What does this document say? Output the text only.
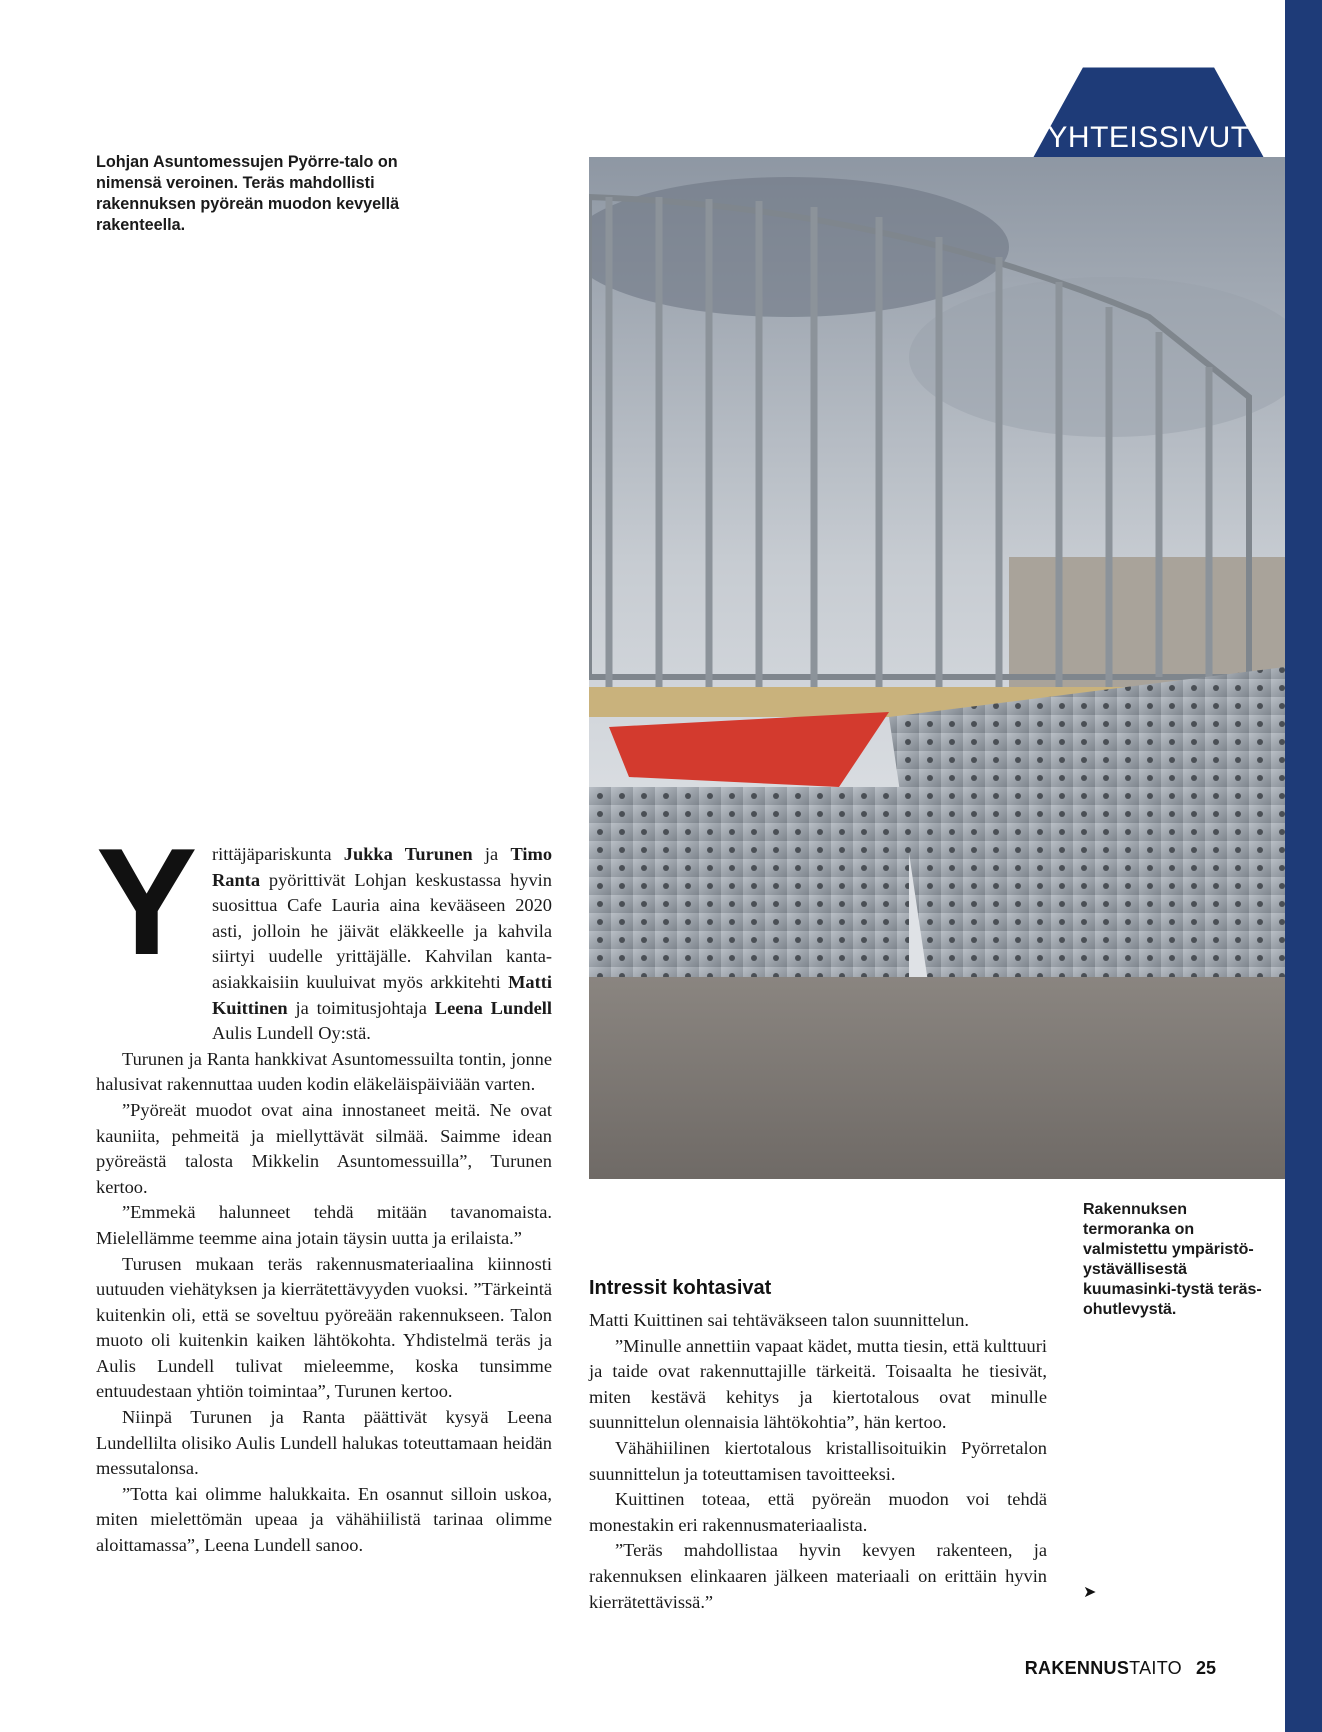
YHTEISSIVUT
Lohjan Asuntomessujen Pyörre-talo on nimensä veroinen. Teräs mahdollisti rakennuksen pyöreän muodon kevyellä rakenteella.
Y rittäjäpariskunta Jukka Turunen ja Timo Ranta pyörittivät Lohjan keskustassa hyvin suosittua Cafe Lauria aina kevääseen 2020 asti, jolloin he jäivät eläkkeelle ja kahvila siirtyi uudelle yrittäjälle. Kahvilan kanta-asiakkaisiin kuuluivat myös arkkitehti Matti Kuittinen ja toimitusjohtaja Leena Lundell Aulis Lundell Oy:stä.

Turunen ja Ranta hankkivat Asuntomessuilta tontin, jonne halusivat rakennuttaa uuden kodin eläkeläispäiviään varten.

”Pyöreät muodot ovat aina innostaneet meitä. Ne ovat kauniita, pehmeitä ja miellyttävät silmää. Saimme idean pyöreästä talosta Mikkelin Asuntomessuilla”, Turunen kertoo.

”Emmekä halunneet tehdä mitään tavanomaista. Mielellämme teemme aina jotain täysin uutta ja erilaista.”

Turusen mukaan teräs rakennusmateriaalina kiinnosti uutuuden viehätyksen ja kierrätettävyyden vuoksi. ”Tärkeintä kuitenkin oli, että se soveltuu pyöreään rakennukseen. Talon muoto oli kuitenkin kaiken lähtökohta. Yhdistelmä teräs ja Aulis Lundell tulivat mieleemme, koska tunsimme entuudestaan yhtiön toimintaa”, Turunen kertoo.

Niinpä Turunen ja Ranta päättivät kysyä Leena Lundellilta olisiko Aulis Lundell halukas toteuttamaan heidän messutalonsa.

”Totta kai olimme halukkaita. En osannut silloin uskoa, miten mielettömän upeaa ja vähähiilistä tarinaa olimme aloittamassa”, Leena Lundell sanoo.

Intressit kohtasivat

Matti Kuittinen sai tehtäväkseen talon suunnittelun.

”Minulle annettiin vapaat kädet, mutta tiesin, että kulttuuri ja taide ovat rakennuttajille tärkeitä. Toisaalta he tiesivät, miten kestävä kehitys ja kiertotalous ovat minulle suunnittelun olennaisia lähtökohtia”, hän kertoo.

Vähähiilinen kiertotalous kristallisoituikin Pyörretalon suunnittelun ja toteuttamisen tavoitteeksi.

Kuittinen toteaa, että pyöreän muodon voi tehdä monestakin eri rakennusmateriaalista.

”Teräs mahdollistaa hyvin kevyen rakenteen, ja rakennuksen elinkaaren jälkeen materiaali on erittäin hyvin kierrätettävissä.”

Rakennuksen termoranka on valmistettu ympäristö-ystävällisestä kuumasinki-tystä teräs-ohutlevystä.
➤
RAKENNUSTAITO 25
